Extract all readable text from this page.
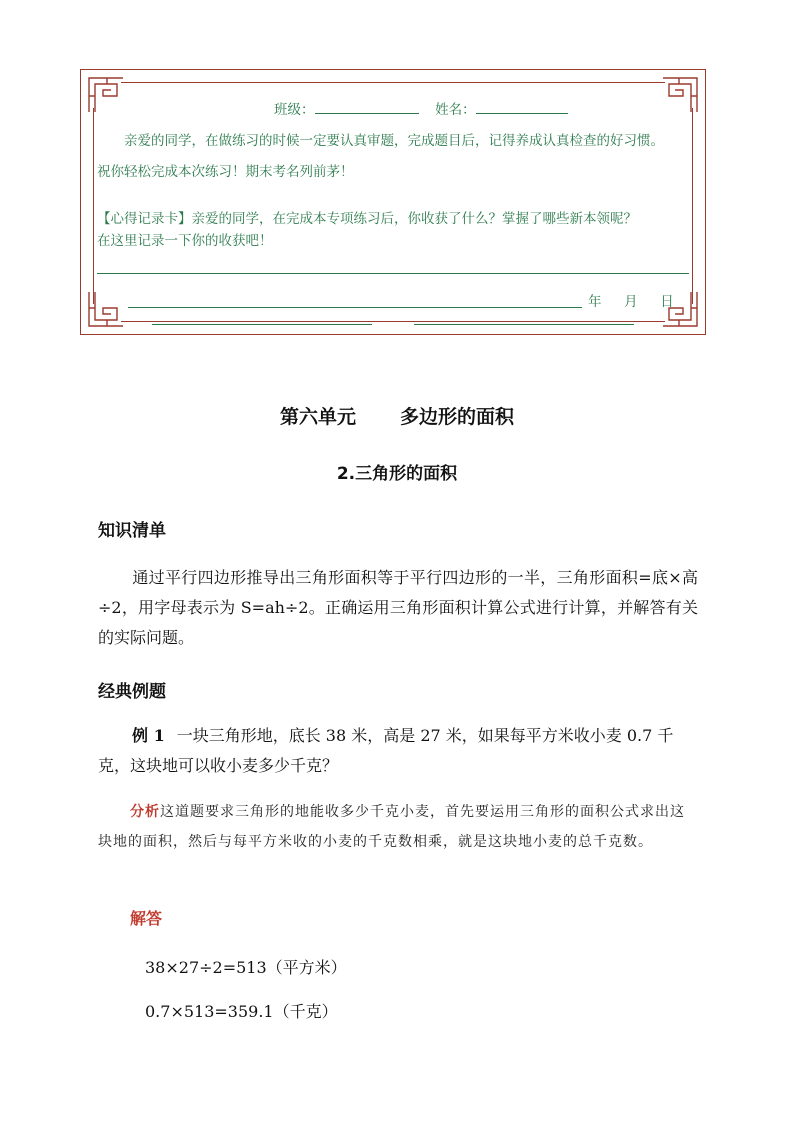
班级：	姓名：
亲爱的同学，在做练习的时候一定要认真审题，完成题目后，记得养成认真检查的好习惯。
祝你轻松完成本次练习！期末考名列前茅！
【心得记录卡】亲爱的同学，在完成本专项练习后，你收获了什么？掌握了哪些新本领呢？
在这里记录一下你的收获吧！
年 月 日
第六单元 多边形的面积
2.三角形的面积
知识清单
通过平行四边形推导出三角形面积等于平行四边形的一半，三角形面积=底×高÷2，用字母表示为 S=ah÷2。正确运用三角形面积计算公式进行计算，并解答有关的实际问题。
经典例题
例 1 一块三角形地，底长 38 米，高是 27 米，如果每平方米收小麦 0.7 千克，这块地可以收小麦多少千克？
分析这道题要求三角形的地能收多少千克小麦，首先要运用三角形的面积公式求出这块地的面积，然后与每平方米收的小麦的千克数相乘，就是这块地小麦的总千克数。
解答
38×27÷2=513（平方米）
0.7×513=359.1（千克）
